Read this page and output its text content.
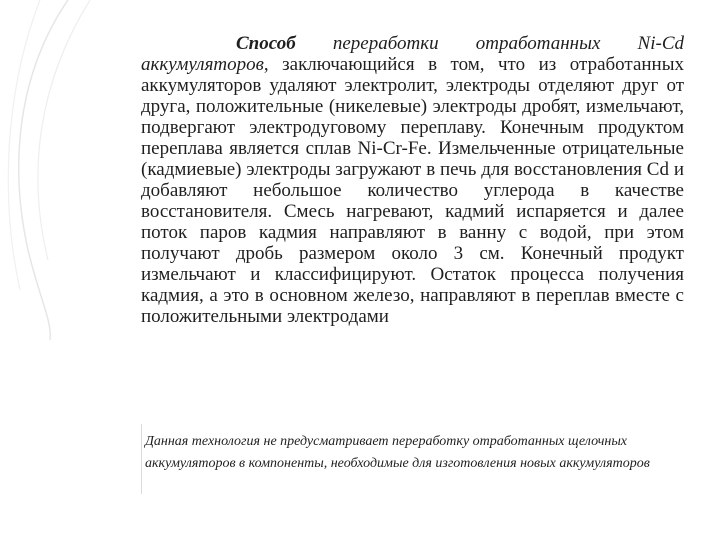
Способ переработки отработанных Ni-Cd аккумуляторов, заключающийся в том, что из отработанных аккумуляторов удаляют электролит, электроды отделяют друг от друга, положительные (никелевые) электроды дробят, измельчают, подвергают электродуговому переплаву. Конечным продуктом переплава является сплав Ni-Cr-Fe. Измельченные отрицательные (кадмиевые) электроды загружают в печь для восстановления Cd и добавляют небольшое количество углерода в качестве восстановителя. Смесь нагревают, кадмий испаряется и далее поток паров кадмия направляют в ванну с водой, при этом получают дробь размером около 3 см. Конечный продукт измельчают и классифицируют. Остаток процесса получения кадмия, а это в основном железо, направляют в переплав вместе с положительными электродами
Данная технология не предусматривает переработку отработанных щелочных аккумуляторов в компоненты, необходимые для изготовления новых аккумуляторов
